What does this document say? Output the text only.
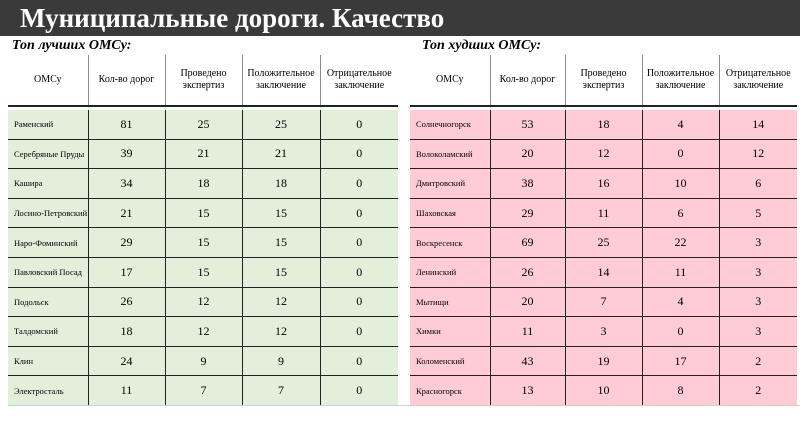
Муниципальные дороги. Качество
Топ лучших ОМСу:	Топ худших ОМСу:
ОМСу	Кол-во дорог	Проведено экспертиз	Положительное заключение	Отрицательное заключение

Раменский	81	25	25	0
Серебряные Пруды	39	21	21	0
Кашира	34	18	18	0
Лосино-Петровский	21	15	15	0
Наро-Фоминский	29	15	15	0
Павловский Посад	17	15	15	0
Подольск	26	12	12	0
Талдомский	18	12	12	0
Клин	24	9	9	0
Электросталь	11	7	7	0
ОМСу	Кол-во дорог	Проведено экспертиз	Положительное заключение	Отрицательное заключение

Солнечногорск	53	18	4	14
Волоколамский	20	12	0	12
Дмитровский	38	16	10	6
Шаховская	29	11	6	5
Воскресенск	69	25	22	3
Ленинский	26	14	11	3
Мытищи	20	7	4	3
Химки	11	3	0	3
Коломенский	43	19	17	2
Красногорск	13	10	8	2
